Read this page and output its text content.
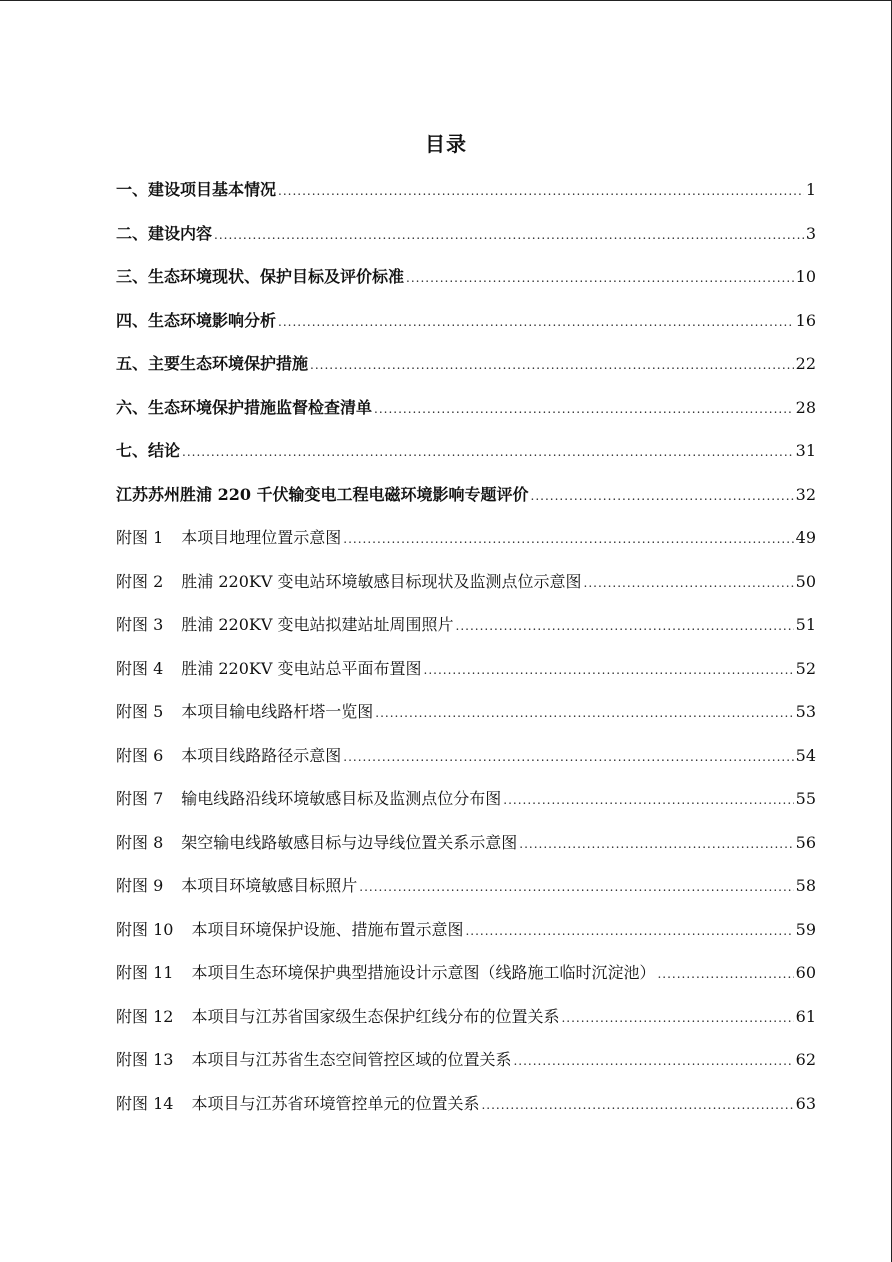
目录
一、建设项目基本情况 .....	1
二、建设内容 .....	3
三、生态环境现状、保护目标及评价标准 .....	10
四、生态环境影响分析 .....	16
五、主要生态环境保护措施 .....	22
六、生态环境保护措施监督检查清单 .....	28
七、结论 .....	31
江苏苏州胜浦 220 千伏输变电工程电磁环境影响专题评价 .....	32
附图 1 本项目地理位置示意图 .....	49
附图 2 胜浦 220KV 变电站环境敏感目标现状及监测点位示意图 .....	50
附图 3 胜浦 220KV 变电站拟建站址周围照片 .....	51
附图 4 胜浦 220KV 变电站总平面布置图 .....	52
附图 5 本项目输电线路杆塔一览图 .....	53
附图 6 本项目线路路径示意图 .....	54
附图 7 输电线路沿线环境敏感目标及监测点位分布图 .....	55
附图 8 架空输电线路敏感目标与边导线位置关系示意图 .....	56
附图 9 本项目环境敏感目标照片 .....	58
附图 10 本项目环境保护设施、措施布置示意图 .....	59
附图 11 本项目生态环境保护典型措施设计示意图（线路施工临时沉淀池） .....	60
附图 12 本项目与江苏省国家级生态保护红线分布的位置关系 .....	61
附图 13 本项目与江苏省生态空间管控区域的位置关系 .....	62
附图 14 本项目与江苏省环境管控单元的位置关系 .....	63
